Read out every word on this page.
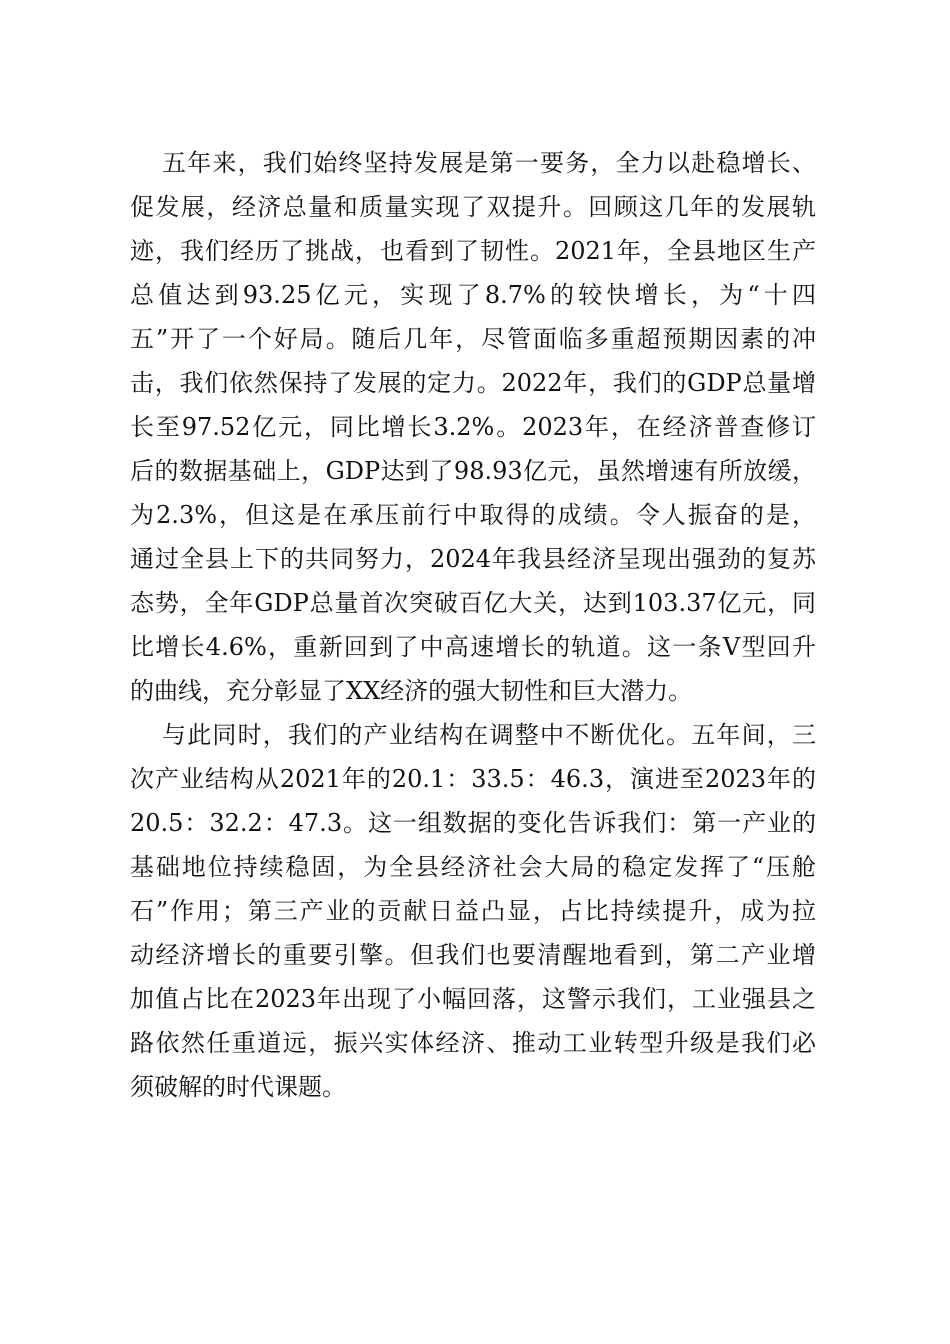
五年来，我们始终坚持发展是第一要务，全力以赴稳增长、
促发展，经济总量和质量实现了双提升。回顾这几年的发展轨
迹，我们经历了挑战，也看到了韧性。2021年，全县地区生产
总值达到93.25亿元，实现了8.7%的较快增长，为“十四
五”开了一个好局。随后几年，尽管面临多重超预期因素的冲
击，我们依然保持了发展的定力。2022年，我们的GDP总量增
长至97.52亿元，同比增长3.2%。2023年，在经济普查修订
后的数据基础上，GDP达到了98.93亿元，虽然增速有所放缓，
为2.3%，但这是在承压前行中取得的成绩。令人振奋的是，
通过全县上下的共同努力，2024年我县经济呈现出强劲的复苏
态势，全年GDP总量首次突破百亿大关，达到103.37亿元，同
比增长4.6%，重新回到了中高速增长的轨道。这一条V型回升
的曲线，充分彰显了XX经济的强大韧性和巨大潜力。
与此同时，我们的产业结构在调整中不断优化。五年间，三
次产业结构从2021年的20.1：33.5：46.3，演进至2023年的
20.5：32.2：47.3。这一组数据的变化告诉我们：第一产业的
基础地位持续稳固，为全县经济社会大局的稳定发挥了“压舱
石”作用；第三产业的贡献日益凸显，占比持续提升，成为拉
动经济增长的重要引擎。但我们也要清醒地看到，第二产业增
加值占比在2023年出现了小幅回落，这警示我们，工业强县之
路依然任重道远，振兴实体经济、推动工业转型升级是我们必
须破解的时代课题。
